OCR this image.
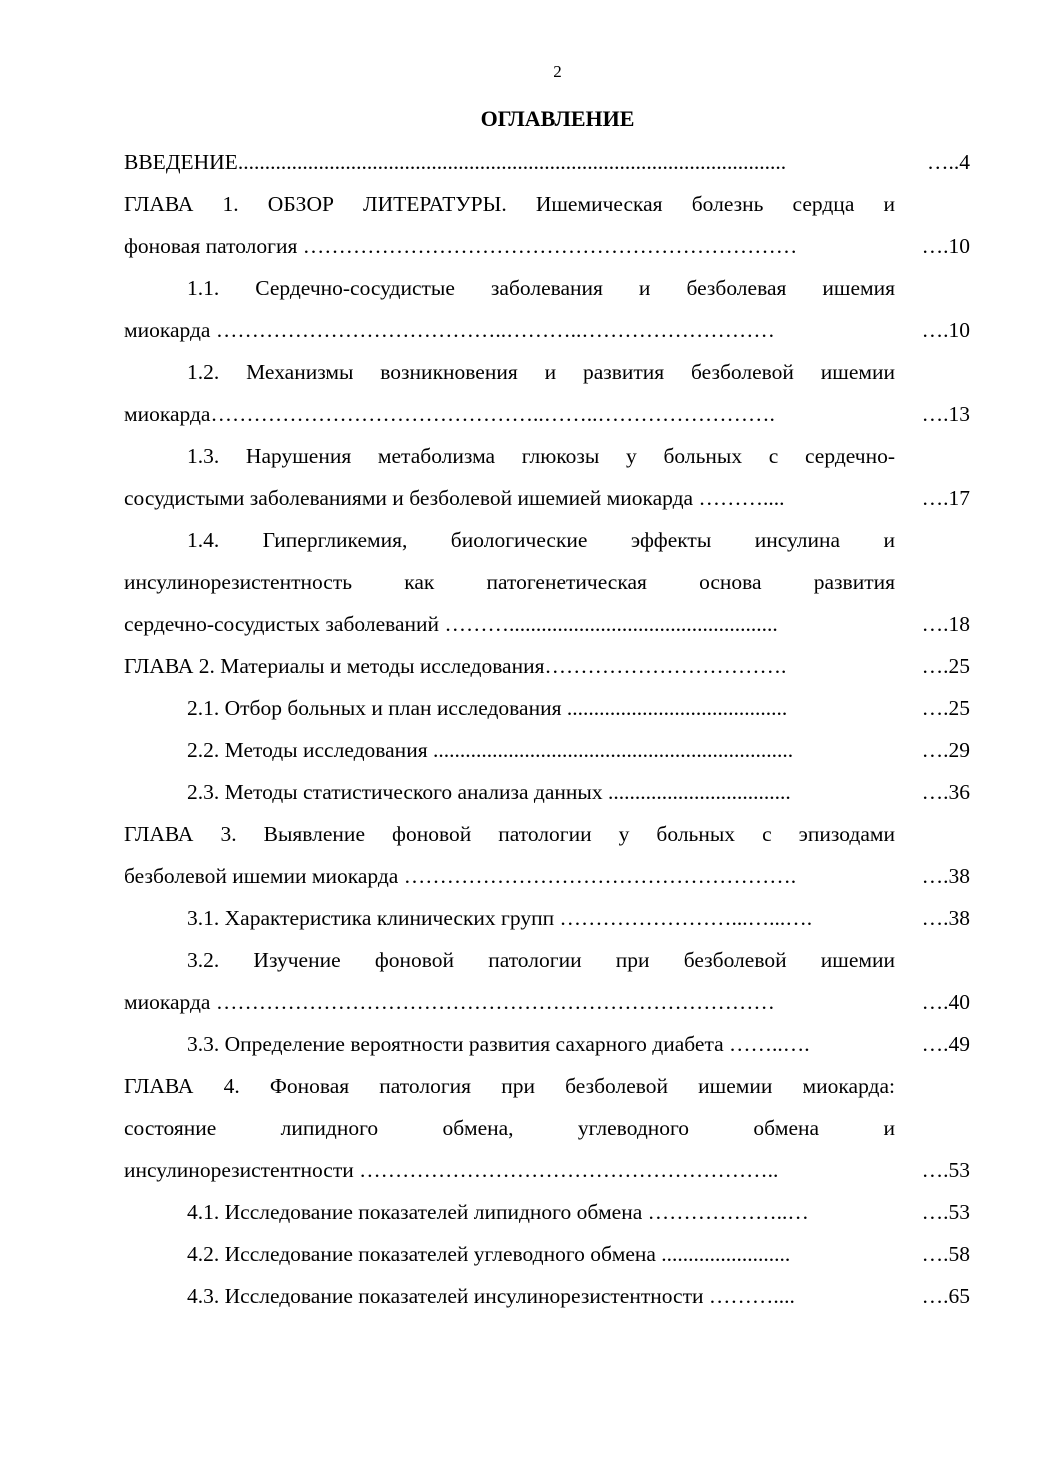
2
ОГЛАВЛЕНИЕ
ВВЕДЕНИЕ......................................................................................................	…..4
ГЛАВА 1. ОБЗОР ЛИТЕРАТУРЫ. Ишемическая болезнь сердца и
фоновая патология ……………………………………………………………	….10
1.1. Сердечно-сосудистые заболевания и безболевая ишемия
миокарда …………………………………..………..………………………	….10
1.2. Механизмы возникновения и развития безболевой ишемии
миокарда………………………………………..……..…………………….	….13
1.3. Нарушения метаболизма глюкозы у больных с сердечно-
сосудистыми заболеваниями и безболевой ишемией миокарда ………....	….17
1.4. Гипергликемия, биологические эффекты инсулина и
инсулинорезистентность как патогенетическая основа развития
сердечно-сосудистых заболеваний ………..................................................	….18
ГЛАВА 2. Материалы и методы исследования…………………………….	….25
2.1. Отбор больных и план исследования .........................................	….25
2.2. Методы исследования ...................................................................	….29
2.3. Методы статистического анализа данных ..................................	….36
ГЛАВА 3. Выявление фоновой патологии у больных с эпизодами
безболевой ишемии миокарда ……………………………………………….	….38
3.1. Характеристика клинических групп ……………………...…...….	….38
3.2. Изучение фоновой патологии при безболевой ишемии
миокарда ……………………………………………………………………	….40
3.3. Определение вероятности развития сахарного диабета ……..….	….49
ГЛАВА 4. Фоновая патология при безболевой ишемии миокарда:
состояние липидного обмена, углеводного обмена и
инсулинорезистентности …………………………………………………..	….53
4.1. Исследование показателей липидного обмена ………………..…	….53
4.2. Исследование показателей углеводного обмена ........................	….58
4.3. Исследование показателей инсулинорезистентности ………....	….65
